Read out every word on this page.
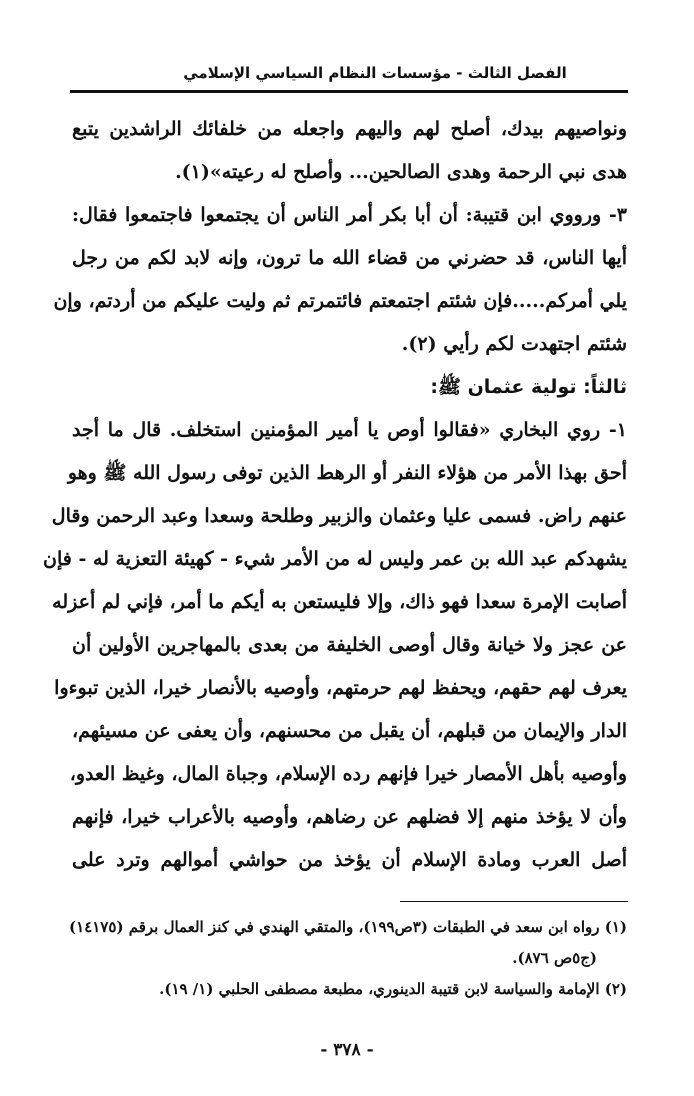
الفصل الثالث - مؤسسات النظام السياسي الإسلامي
ونواصيهم بيدك، أصلح لهم واليهم واجعله من خلفائك الراشدين يتبع
هدى نبي الرحمة وهدى الصالحين... وأصلح له رعيته»(١).
٣- ورووي ابن قتيبة: أن أبا بكر أمر الناس أن يجتمعوا فاجتمعوا فقال:
أيها الناس، قد حضرني من قضاء الله ما ترون، وإنه لابد لكم من رجل
يلي أمركم.....فإن شئتم اجتمعتم فائتمرتم ثم وليت عليكم من أردتم، وإن
شئتم اجتهدت لكم رأيي (٢).
ثالثاً: تولية عثمان ﷺ:
١- روي البخاري «فقالوا أوص يا أمير المؤمنين استخلف. قال ما أجد
أحق بهذا الأمر من هؤلاء النفر أو الرهط الذين توفى رسول الله ﷺ وهو
عنهم راض. فسمى عليا وعثمان والزبير وطلحة وسعدا وعبد الرحمن وقال
يشهدكم عبد الله بن عمر وليس له من الأمر شيء - كهيئة التعزية له - فإن
أصابت الإمرة سعدا فهو ذاك، وإلا فليستعن به أيكم ما أمر، فإني لم أعزله
عن عجز ولا خيانة وقال أوصى الخليفة من بعدى بالمهاجرين الأولين أن
يعرف لهم حقهم، ويحفظ لهم حرمتهم، وأوصيه بالأنصار خيرا، الذين تبوءوا
الدار والإيمان من قبلهم، أن يقبل من محسنهم، وأن يعفى عن مسيئهم،
وأوصيه بأهل الأمصار خيرا فإنهم رده الإسلام، وجباة المال، وغيظ العدو،
وأن لا يؤخذ منهم إلا فضلهم عن رضاهم، وأوصيه بالأعراب خيرا، فإنهم
أصل العرب ومادة الإسلام أن يؤخذ من حواشي أموالهم وترد على
(١) رواه ابن سعد في الطبقات (٣ص١٩٩)، والمتقي الهندي في كنز العمال برقم (١٤١٧٥)
(ج٥ص ٨٧٦).
(٢) الإمامة والسياسة لابن قتيبة الدينوري، مطبعة مصطفى الحلبي (١/ ١٩).
- ٣٧٨ -
